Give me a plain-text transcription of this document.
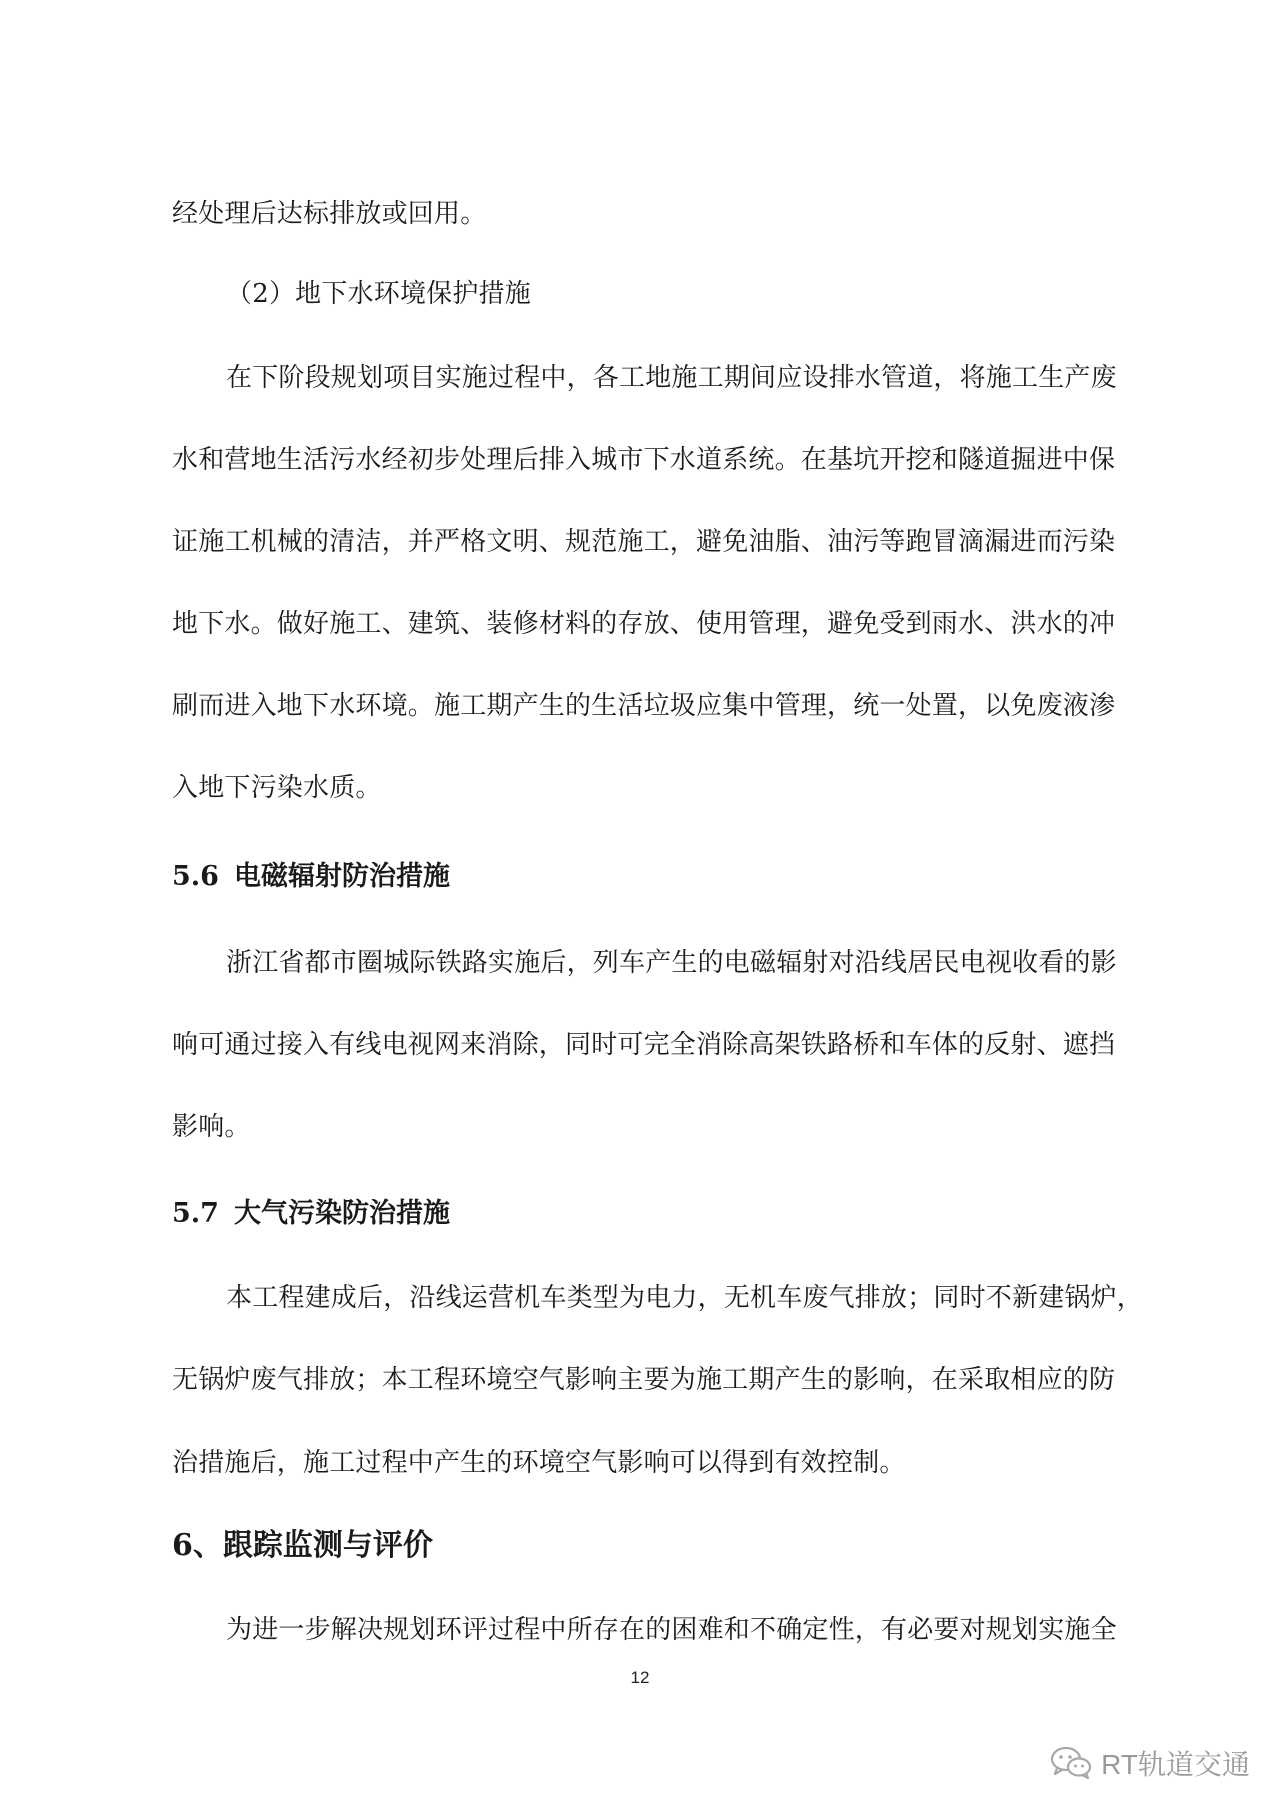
经处理后达标排放或回用。
（2）地下水环境保护措施
在下阶段规划项目实施过程中，各工地施工期间应设排水管道，将施工生产废
水和营地生活污水经初步处理后排入城市下水道系统。在基坑开挖和隧道掘进中保
证施工机械的清洁，并严格文明、规范施工，避免油脂、油污等跑冒滴漏进而污染
地下水。做好施工、建筑、装修材料的存放、使用管理，避免受到雨水、洪水的冲
刷而进入地下水环境。施工期产生的生活垃圾应集中管理，统一处置，以免废液渗
入地下污染水质。
5.6 电磁辐射防治措施
浙江省都市圈城际铁路实施后，列车产生的电磁辐射对沿线居民电视收看的影
响可通过接入有线电视网来消除，同时可完全消除高架铁路桥和车体的反射、遮挡
影响。
5.7 大气污染防治措施
本工程建成后，沿线运营机车类型为电力，无机车废气排放；同时不新建锅炉，
无锅炉废气排放；本工程环境空气影响主要为施工期产生的影响，在采取相应的防
治措施后，施工过程中产生的环境空气影响可以得到有效控制。
6、跟踪监测与评价
为进一步解决规划环评过程中所存在的困难和不确定性，有必要对规划实施全
12
RT轨道交通
